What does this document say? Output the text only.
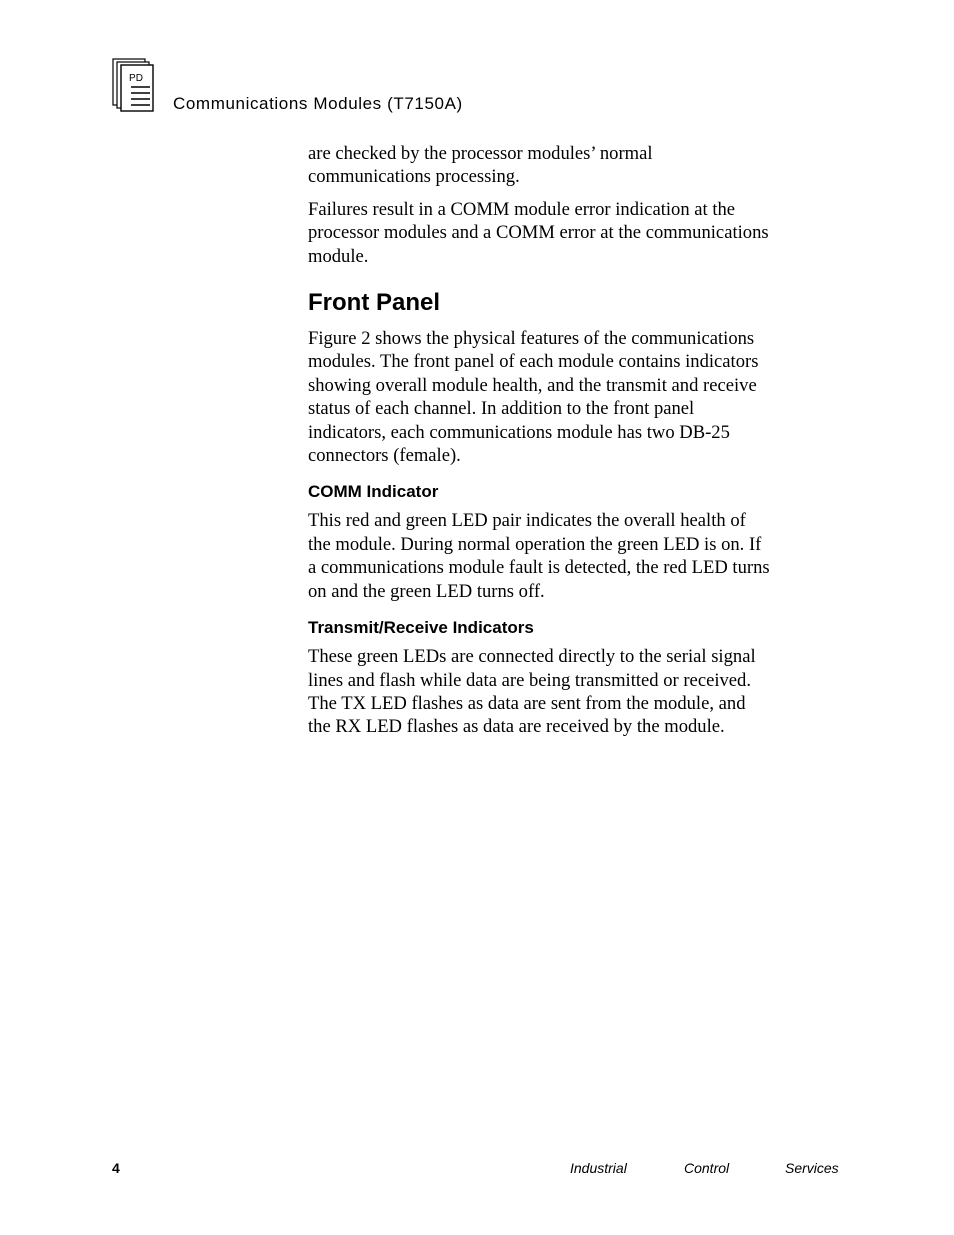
PD
Communications Modules (T7150A)

are checked by the processor modules’ normal
communications processing.

Failures result in a COMM module error indication at the
processor modules and a COMM error at the communications
module.

Front Panel

Figure 2 shows the physical features of the communications
modules. The front panel of each module contains indicators
showing overall module health, and the transmit and receive
status of each channel. In addition to the front panel
indicators, each communications module has two DB-25
connectors (female).

COMM Indicator

This red and green LED pair indicates the overall health of
the module. During normal operation the green LED is on. If
a communications module fault is detected, the red LED turns
on and the green LED turns off.

Transmit/Receive Indicators

These green LEDs are connected directly to the serial signal
lines and flash while data are being transmitted or received.
The TX LED flashes as data are sent from the module, and
the RX LED flashes as data are received by the module.

4	Industrial	Control	Services
